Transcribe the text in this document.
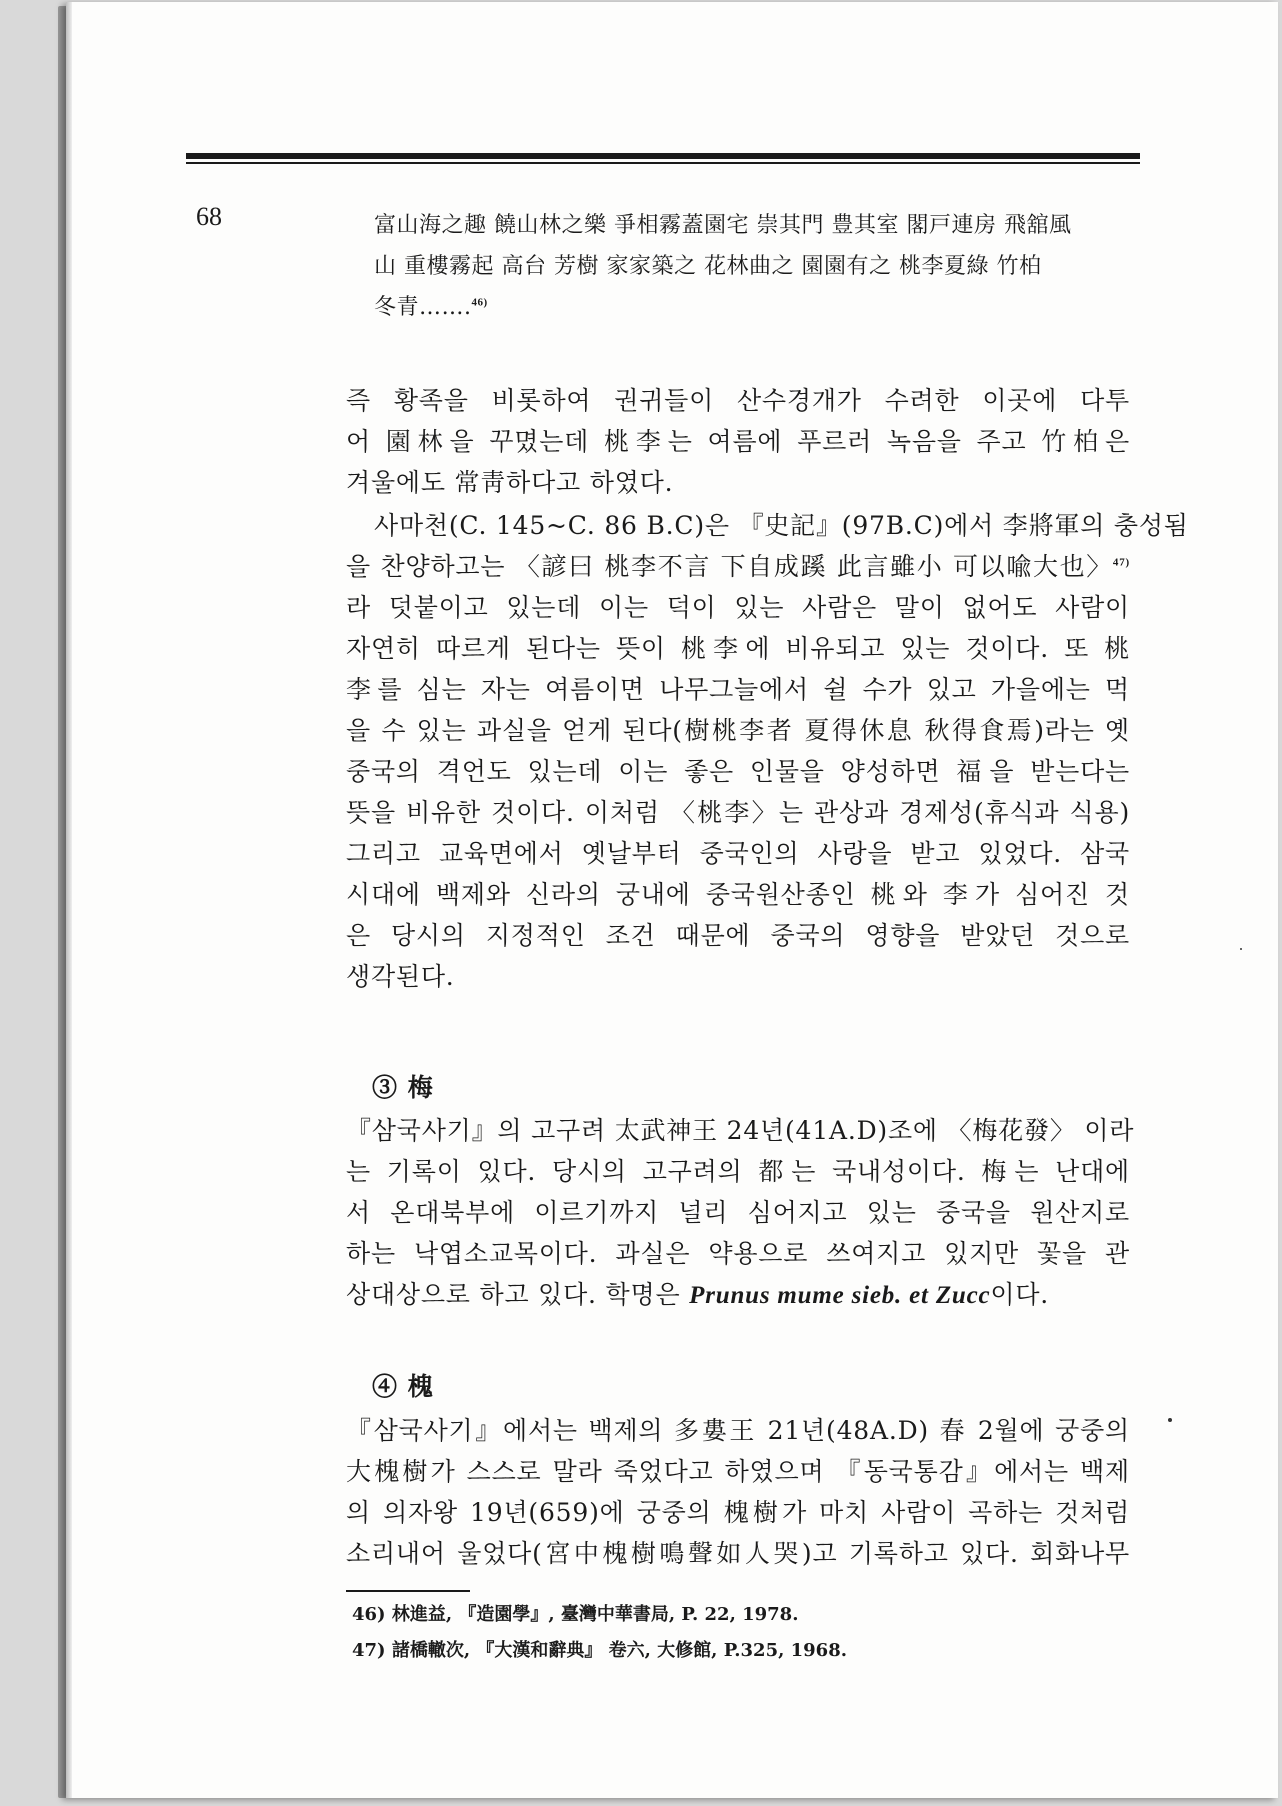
68	富山海之趣 饒山林之樂 爭相霧蓋園宅 崇其門 豊其室 閣戸連房 飛舘風
山 重樓霧起 高台 芳樹 家家築之 花林曲之 園園有之 桃李夏綠 竹柏
冬青…….$^{46)}$
즉 황족을 비롯하여 권귀들이 산수경개가 수려한 이곳에 다투
어 園林을 꾸몄는데 桃李는 여름에 푸르러 녹음을 주고 竹柏은
겨울에도 常靑하다고 하였다.
사마천(C. 145~C. 86 B.C)은 『史記』(97B.C)에서 李將軍의 충성됨
을 찬양하고는 〈諺曰 桃李不言 下自成蹊 此言雖小 可以喩大也〉$^{47)}$
라 덧붙이고 있는데 이는 덕이 있는 사람은 말이 없어도 사람이
자연히 따르게 된다는 뜻이 桃李에 비유되고 있는 것이다. 또 桃
李를 심는 자는 여름이면 나무그늘에서 쉴 수가 있고 가을에는 먹
을 수 있는 과실을 얻게 된다(樹桃李者 夏得休息 秋得食焉)라는 옛
중국의 격언도 있는데 이는 좋은 인물을 양성하면 福을 받는다는
뜻을 비유한 것이다. 이처럼 〈桃李〉는 관상과 경제성(휴식과 식용)
그리고 교육면에서 옛날부터 중국인의 사랑을 받고 있었다. 삼국
시대에 백제와 신라의 궁내에 중국원산종인 桃와 李가 심어진 것
은 당시의 지정적인 조건 때문에 중국의 영향을 받았던 것으로
생각된다.
③ 梅
『삼국사기』의 고구려 太武神王 24년(41A.D)조에 〈梅花發〉 이라
는 기록이 있다. 당시의 고구려의 都는 국내성이다. 梅는 난대에
서 온대북부에 이르기까지 널리 심어지고 있는 중국을 원산지로
하는 낙엽소교목이다. 과실은 약용으로 쓰여지고 있지만 꽃을 관
상대상으로 하고 있다. 학명은 Prunus mume sieb. et Zucc이다.
④ 槐
『삼국사기』에서는 백제의 多婁王 21년(48A.D) 春 2월에 궁중의
大槐樹가 스스로 말라 죽었다고 하였으며 『동국통감』에서는 백제
의 의자왕 19년(659)에 궁중의 槐樹가 마치 사람이 곡하는 것처럼
소리내어 울었다(宮中槐樹鳴聲如人哭)고 기록하고 있다. 회화나무
46) 林進益, 『造園學』, 臺灣中華書局, P. 22, 1978.
47) 諸橋轍次, 『大漢和辭典』 卷六, 大修館, P.325, 1968.
